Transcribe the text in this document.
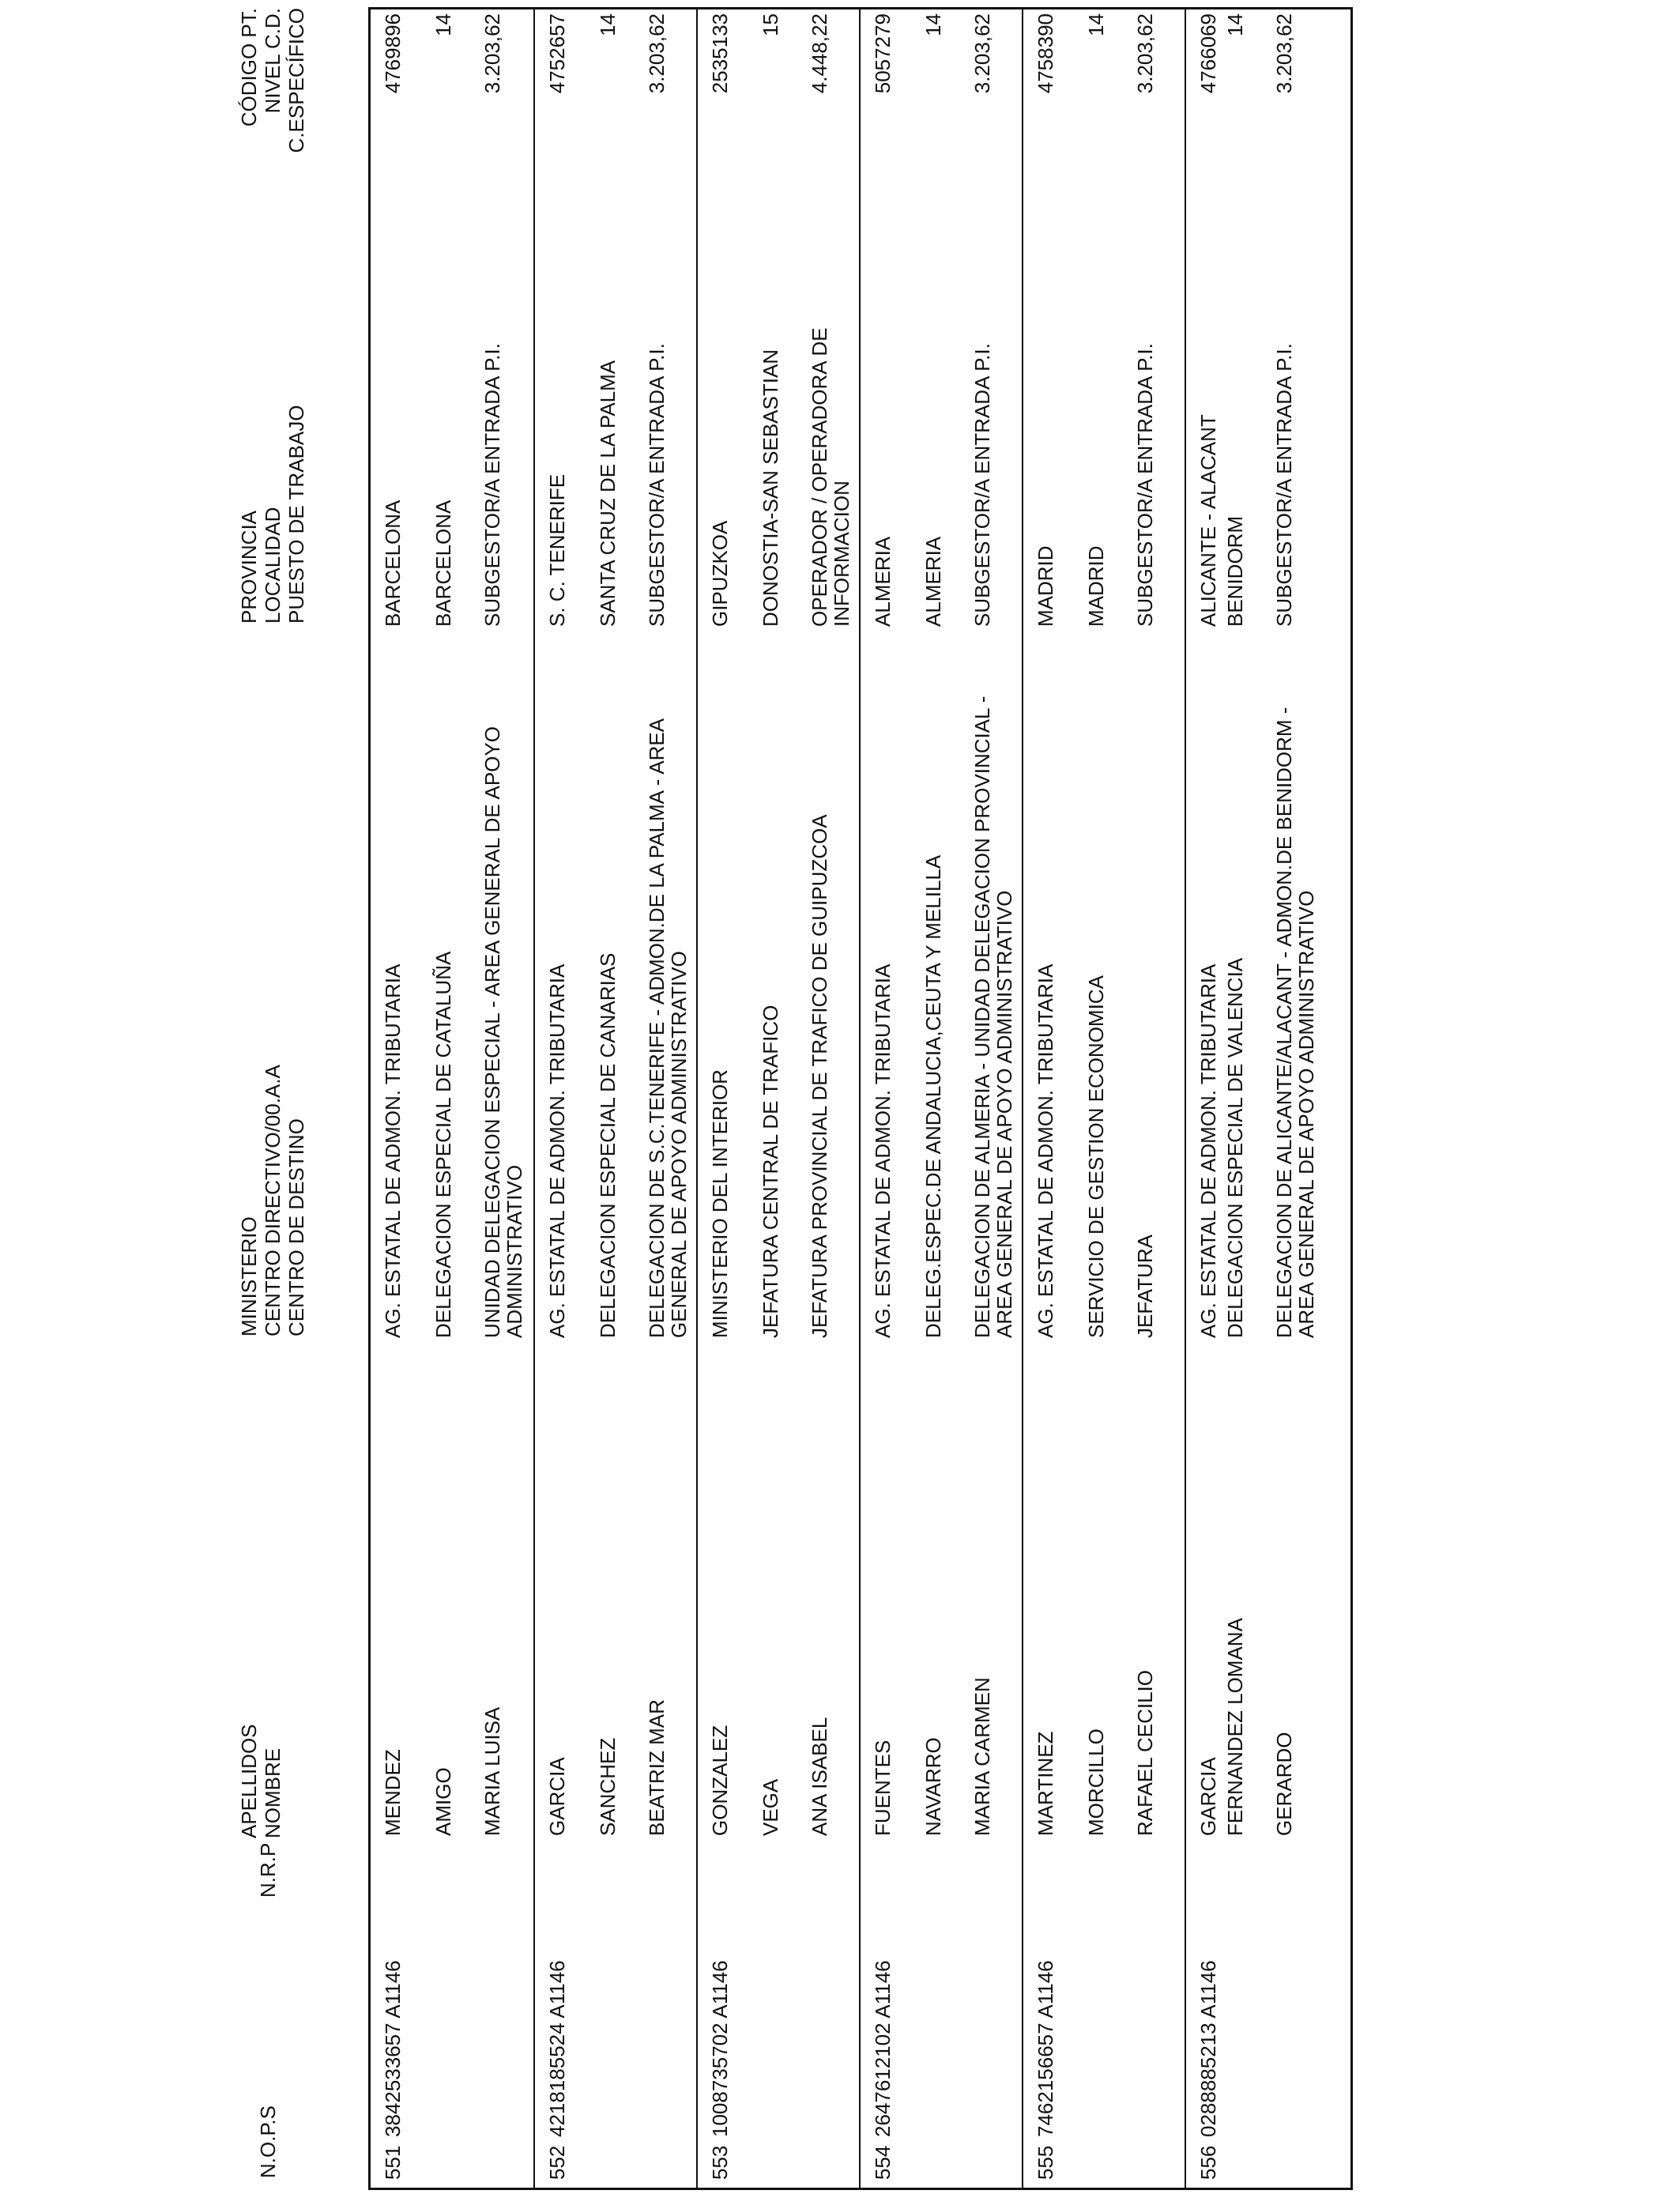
N.O.P.S
N.R.P
APELLIDOS NOMBRE
MINISTERIO CENTRO DIRECTIVO/00.A.A CENTRO DE DESTINO
PROVINCIA LOCALIDAD PUESTO DE TRABAJO
CÓDIGO PT. NIVEL C.D. C.ESPECÍFICO
551
3842533657 A1146
MENDEZ AMIGO MARIA LUISA
AG. ESTATAL DE ADMON. TRIBUTARIA DELEGACION ESPECIAL DE CATALUÑA UNIDAD DELEGACION ESPECIAL - AREA GENERAL DE APOYO ADMINISTRATIVO
BARCELONA BARCELONA SUBGESTOR/A ENTRADA P.I.
4769896 14 3.203,62
552
4218185524 A1146
GARCIA SANCHEZ BEATRIZ MAR
AG. ESTATAL DE ADMON. TRIBUTARIA DELEGACION ESPECIAL DE CANARIAS DELEGACION DE S.C.TENERIFE - ADMON.DE LA PALMA - AREA GENERAL DE APOYO ADMINISTRATIVO
S. C. TENERIFE SANTA CRUZ DE LA PALMA SUBGESTOR/A ENTRADA P.I.
4752657 14 3.203,62
553
1008735702 A1146
GONZALEZ VEGA ANA ISABEL
MINISTERIO DEL INTERIOR JEFATURA CENTRAL DE TRAFICO JEFATURA PROVINCIAL DE TRAFICO DE GUIPUZCOA
GIPUZKOA DONOSTIA-SAN SEBASTIAN OPERADOR / OPERADORA DE INFORMACION
2535133 15 4.448,22
554
2647612102 A1146
FUENTES NAVARRO MARIA CARMEN
AG. ESTATAL DE ADMON. TRIBUTARIA DELEG.ESPEC.DE ANDALUCIA,CEUTA Y MELILLA DELEGACION DE ALMERIA - UNIDAD DELEGACION PROVINCIAL - AREA GENERAL DE APOYO ADMINISTRATIVO
ALMERIA ALMERIA SUBGESTOR/A ENTRADA P.I.
5057279 14 3.203,62
555
7462156657 A1146
MARTINEZ MORCILLO RAFAEL CECILIO
AG. ESTATAL DE ADMON. TRIBUTARIA SERVICIO DE GESTION ECONOMICA JEFATURA
MADRID MADRID SUBGESTOR/A ENTRADA P.I.
4758390 14 3.203,62
556
0288885213 A1146
GARCIA FERNANDEZ LOMANA GERARDO
AG. ESTATAL DE ADMON. TRIBUTARIA DELEGACION ESPECIAL DE VALENCIA DELEGACION DE ALICANTE/ALACANT - ADMON.DE BENIDORM - AREA GENERAL DE APOYO ADMINISTRATIVO
ALICANTE - ALACANT BENIDORM SUBGESTOR/A ENTRADA P.I.
4766069 14 3.203,62
